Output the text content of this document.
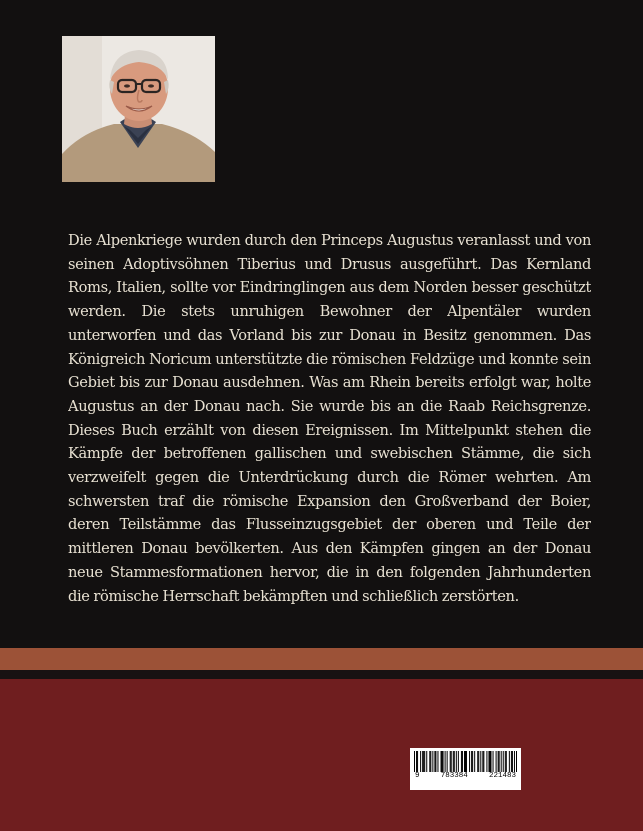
Die Alpenkriege wurden durch den Princeps Augustus veranlasst und von seinen Adoptivsöhnen Tiberius und Drusus ausgeführt. Das Kernland Roms, Italien, sollte vor Eindringlingen aus dem Norden besser geschützt werden. Die stets unruhigen Bewohner der Alpentäler wurden unterworfen und das Vorland bis zur Donau in Besitz genommen. Das Königreich Noricum unterstützte die römischen Feldzüge und konnte sein Gebiet bis zur Donau ausdehnen. Was am Rhein bereits erfolgt war, holte Augustus an der Donau nach. Sie wurde bis an die Raab Reichsgrenze. Dieses Buch erzählt von diesen Ereignissen. Im Mittelpunkt stehen die Kämpfe der betroffenen gallischen und swebischen Stämme, die sich verzweifelt gegen die Unterdrückung durch die Römer wehrten. Am schwersten traf die römische Expansion den Großverband der Boier, deren Teilstämme das Flusseinzugsgebiet der oberen und Teile der mittleren Donau bevölkerten. Aus den Kämpfen gingen an der Donau neue Stammesformationen hervor, die in den folgenden Jahrhunderten die römische Herrschaft bekämpften und schließlich zerstörten.

9	783384	221483
